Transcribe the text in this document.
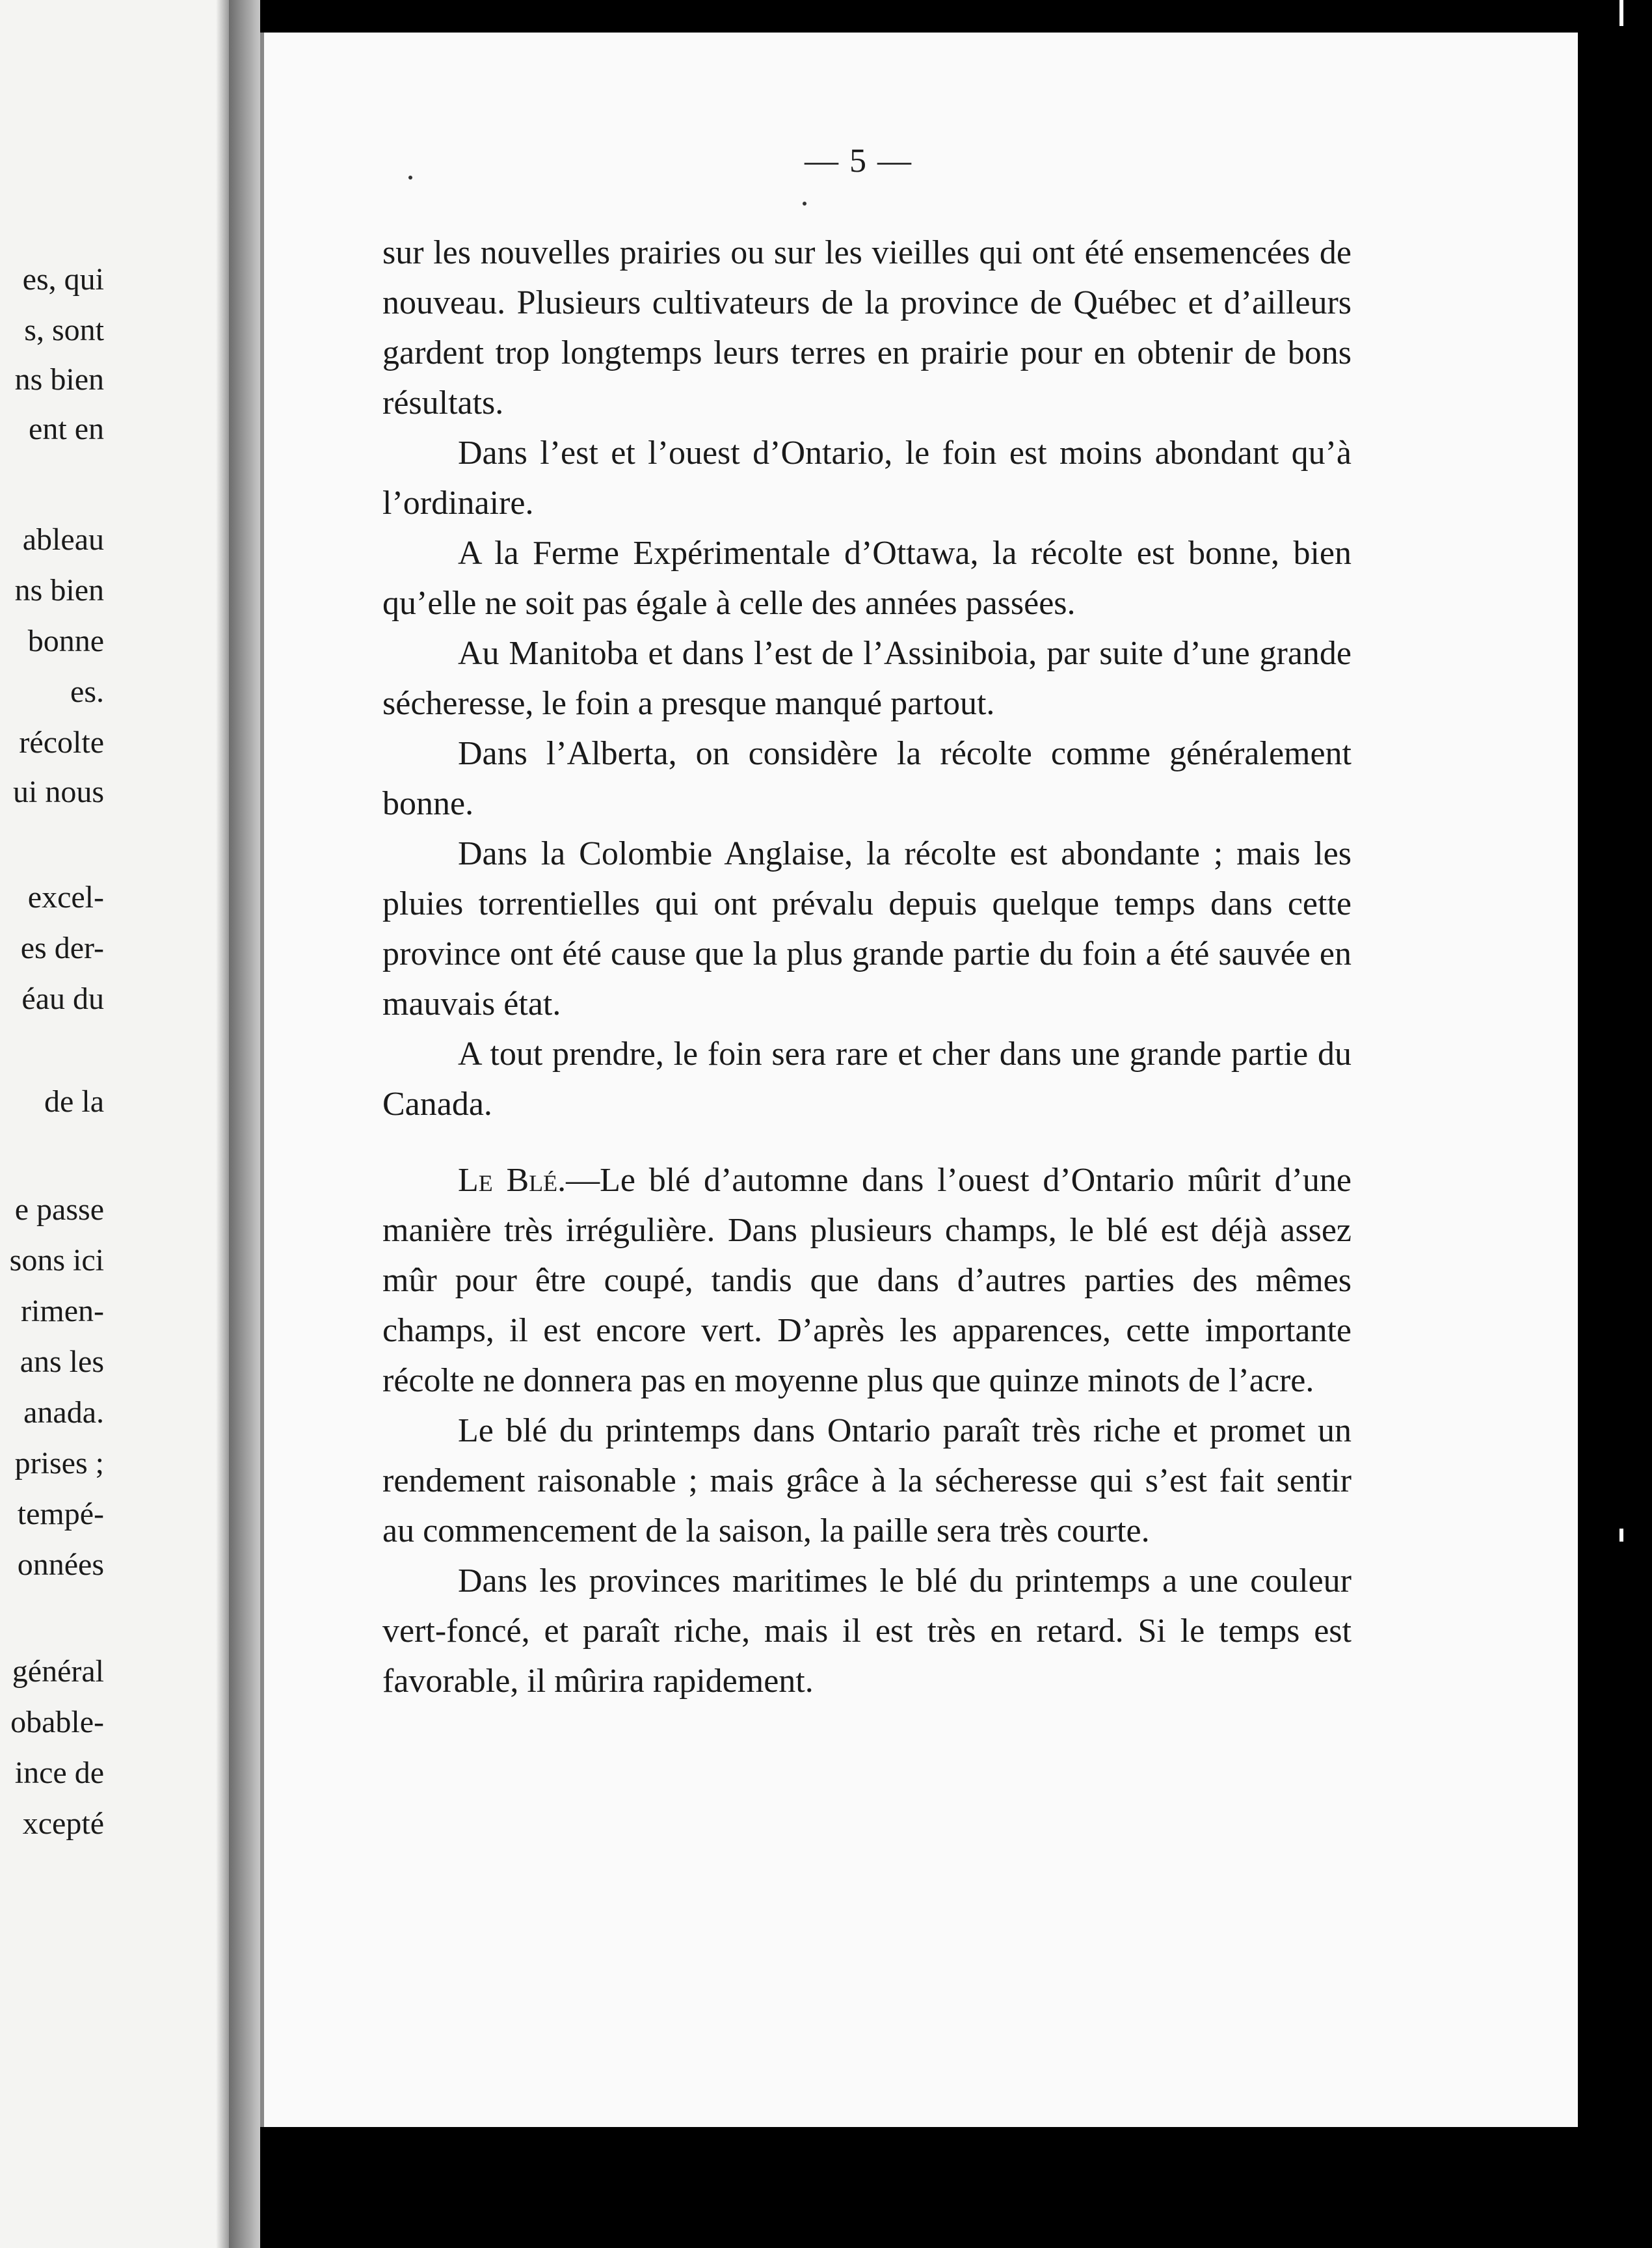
es, qui
s, sont
ns bien
ent en
ableau
ns bien
bonne
es.
récolte
ui nous
excel-
es der-
éau du
de la
e passe
sons ici
rimen-
ans les
anada.
prises ;
tempé-
onnées
général
obable-
ince de
xcepté
— 5 —

sur les nouvelles prairies ou sur les vieilles qui ont été ensemencées de nouveau. Plusieurs cultivateurs de la province de Québec et d’ailleurs gardent trop longtemps leurs terres en prairie pour en obtenir de bons résultats.

Dans l’est et l’ouest d’Ontario, le foin est moins abondant qu’à l’ordinaire.

A la Ferme Expérimentale d’Ottawa, la récolte est bonne, bien qu’elle ne soit pas égale à celle des années passées.

Au Manitoba et dans l’est de l’Assiniboia, par suite d’une grande sécheresse, le foin a presque manqué partout.

Dans l’Alberta, on considère la récolte comme généralement bonne.

Dans la Colombie Anglaise, la récolte est abondante ; mais les pluies torrentielles qui ont prévalu depuis quelque temps dans cette province ont été cause que la plus grande partie du foin a été sauvée en mauvais état.

A tout prendre, le foin sera rare et cher dans une grande partie du Canada.

Le Blé.—Le blé d’automne dans l’ouest d’Ontario mûrit d’une manière très irrégulière. Dans plusieurs champs, le blé est déjà assez mûr pour être coupé, tandis que dans d’autres parties des mêmes champs, il est encore vert. D’après les apparences, cette importante récolte ne donnera pas en moyenne plus que quinze minots de l’acre.

Le blé du printemps dans Ontario paraît très riche et promet un rendement raisonable ; mais grâce à la sécheresse qui s’est fait sentir au commencement de la saison, la paille sera très courte.

Dans les provinces maritimes le blé du printemps a une couleur vert-foncé, et paraît riche, mais il est très en retard. Si le temps est favorable, il mûrira rapidement.
